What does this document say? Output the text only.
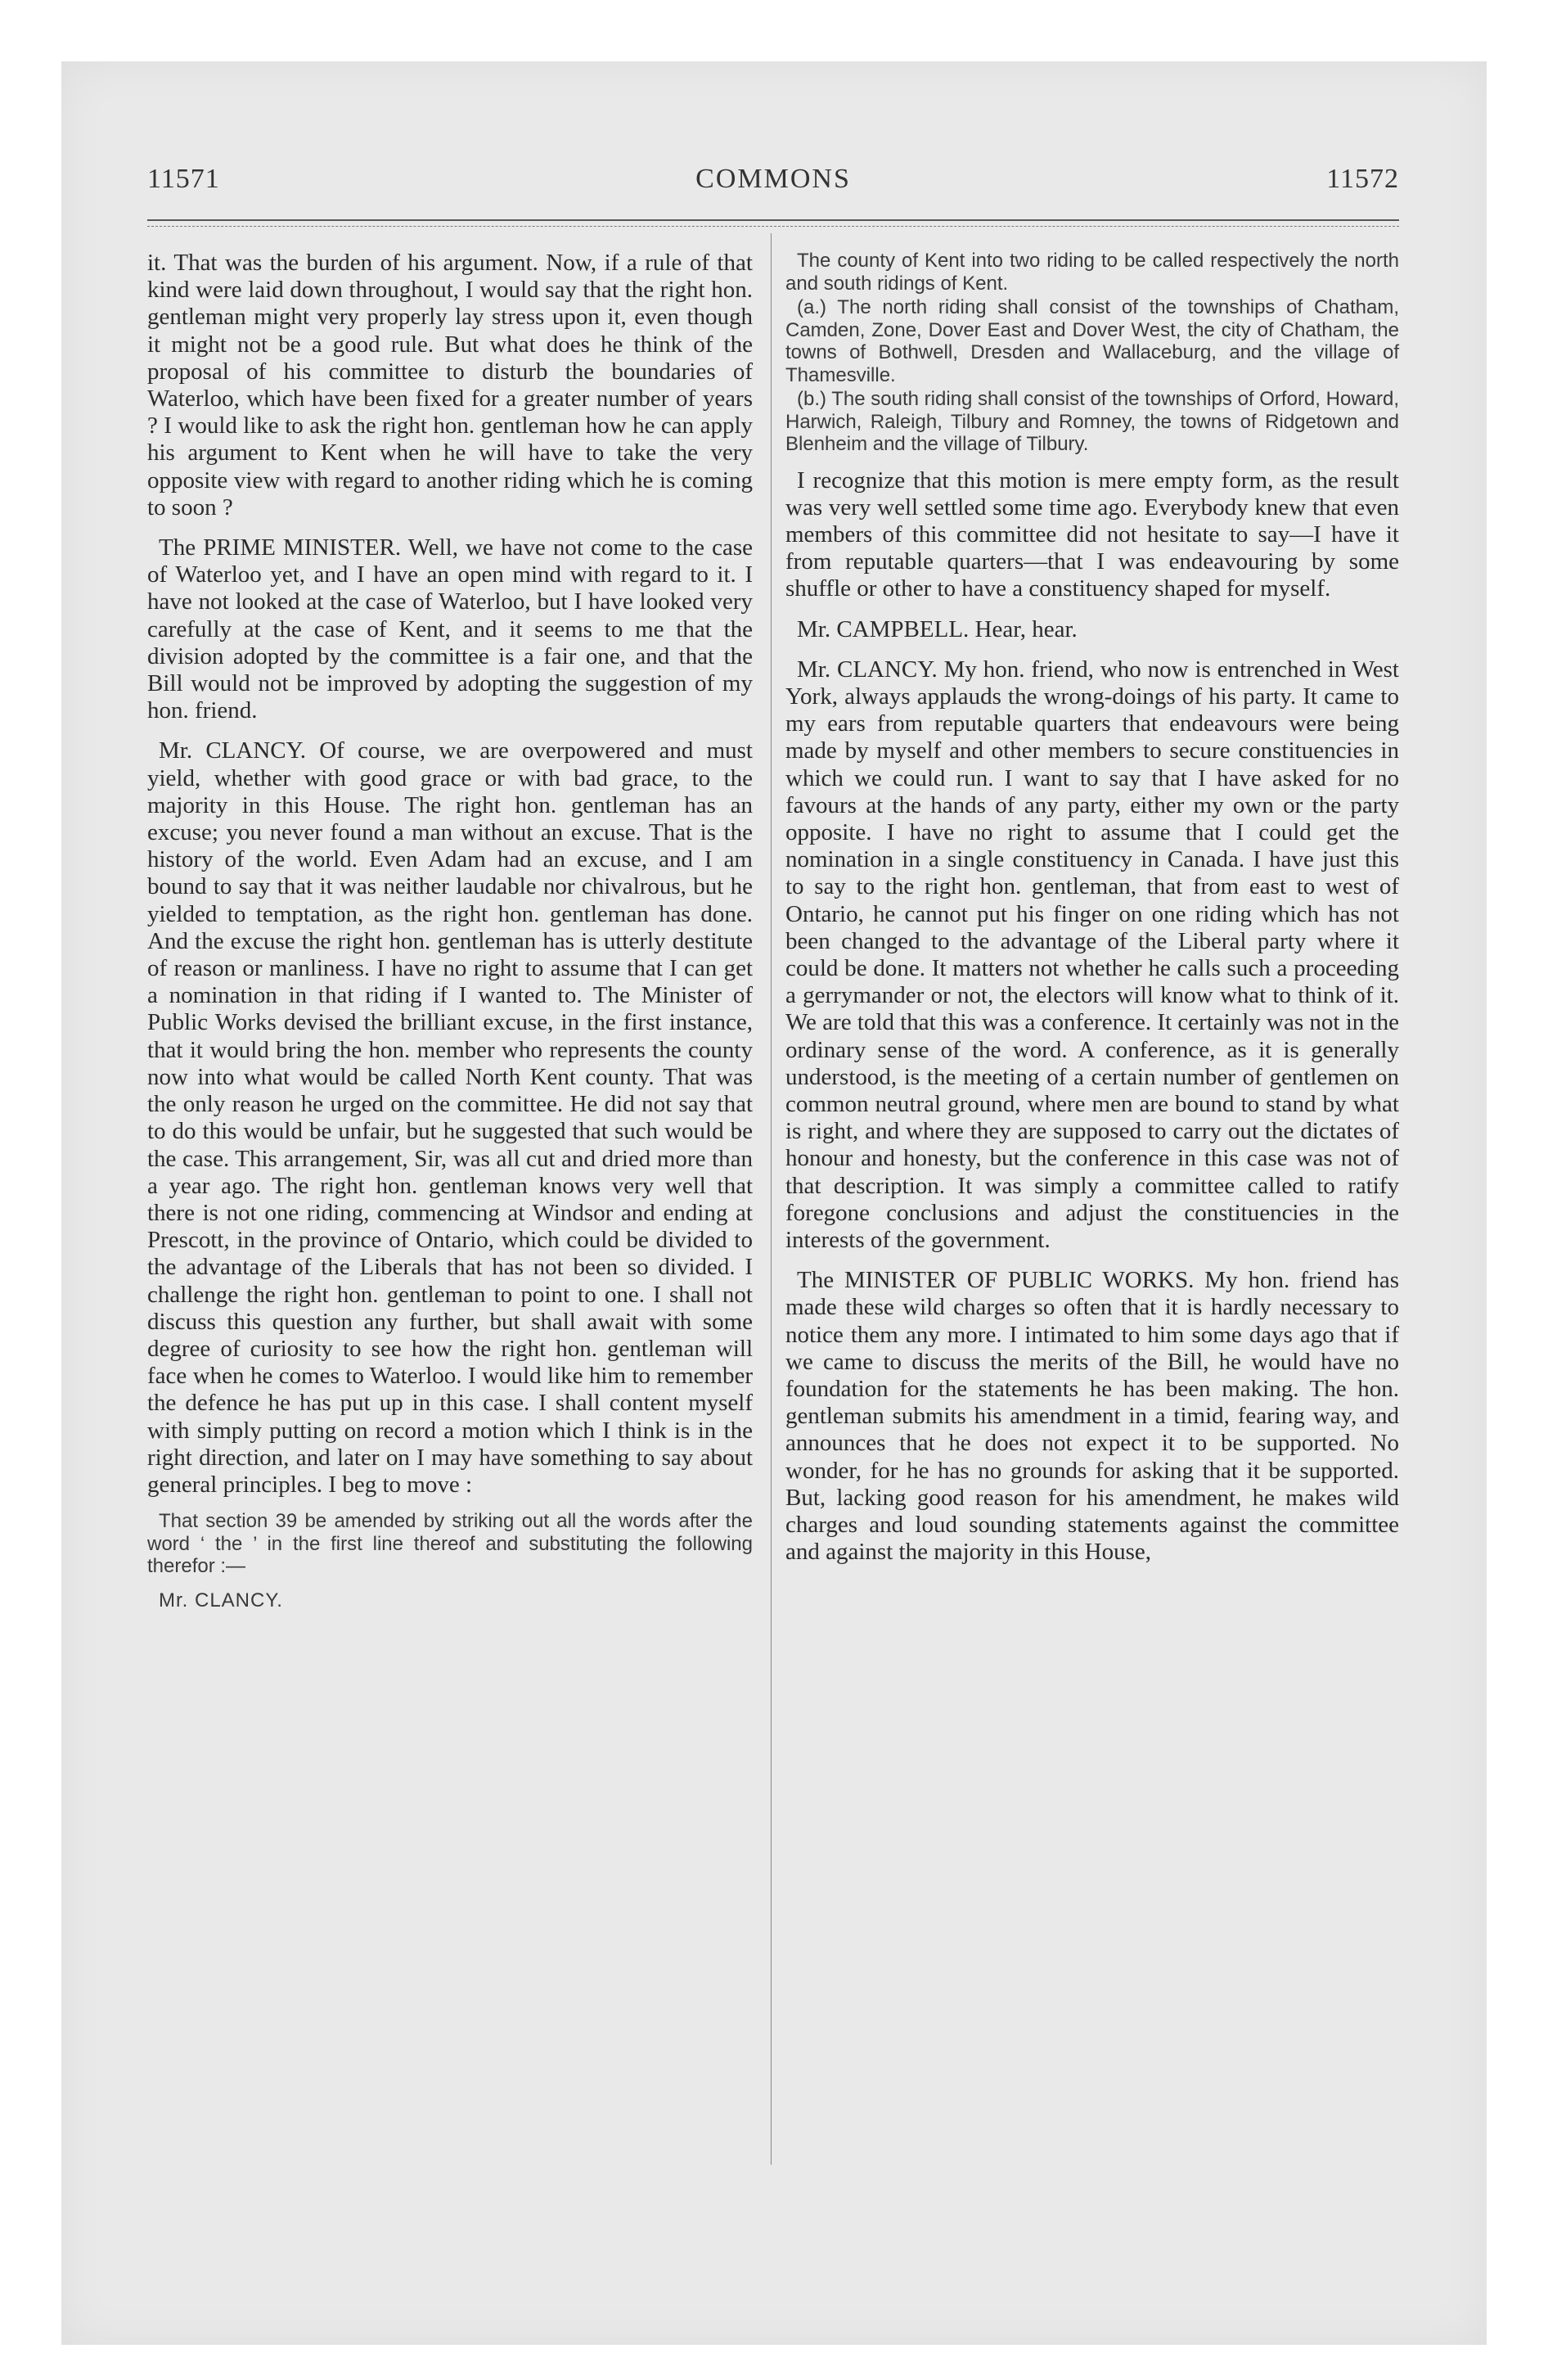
COMMONS
11571	11572

it. That was the burden of his argument. Now, if a rule of that kind were laid down throughout, I would say that the right hon. gentleman might very properly lay stress upon it, even though it might not be a good rule. But what does he think of the proposal of his committee to disturb the boundaries of Waterloo, which have been fixed for a greater number of years ? I would like to ask the right hon. gentleman how he can apply his argument to Kent when he will have to take the very opposite view with regard to another riding which he is coming to soon ?

The PRIME MINISTER. Well, we have not come to the case of Waterloo yet, and I have an open mind with regard to it. I have not looked at the case of Waterloo, but I have looked very carefully at the case of Kent, and it seems to me that the division adopted by the committee is a fair one, and that the Bill would not be improved by adopting the suggestion of my hon. friend.

Mr. CLANCY. Of course, we are overpowered and must yield, whether with good grace or with bad grace, to the majority in this House. The right hon. gentleman has an excuse; you never found a man without an excuse. That is the history of the world. Even Adam had an excuse, and I am bound to say that it was neither laudable nor chivalrous, but he yielded to temptation, as the right hon. gentleman has done. And the excuse the right hon. gentleman has is utterly destitute of reason or manliness. I have no right to assume that I can get a nomination in that riding if I wanted to. The Minister of Public Works devised the brilliant excuse, in the first instance, that it would bring the hon. member who represents the county now into what would be called North Kent county. That was the only reason he urged on the committee. He did not say that to do this would be unfair, but he suggested that such would be the case. This arrangement, Sir, was all cut and dried more than a year ago. The right hon. gentleman knows very well that there is not one riding, commencing at Windsor and ending at Prescott, in the province of Ontario, which could be divided to the advantage of the Liberals that has not been so divided. I challenge the right hon. gentleman to point to one. I shall not discuss this question any further, but shall await with some degree of curiosity to see how the right hon. gentleman will face when he comes to Waterloo. I would like him to remember the defence he has put up in this case. I shall content myself with simply putting on record a motion which I think is in the right direction, and later on I may have something to say about general principles. I beg to move :

That section 39 be amended by striking out all the words after the word ‘ the ’ in the first line thereof and substituting the following therefor :—

Mr. CLANCY.

The county of Kent into two riding to be called respectively the north and south ridings of Kent.

(a.) The north riding shall consist of the townships of Chatham, Camden, Zone, Dover East and Dover West, the city of Chatham, the towns of Bothwell, Dresden and Wallaceburg, and the village of Thamesville.

(b.) The south riding shall consist of the townships of Orford, Howard, Harwich, Raleigh, Tilbury and Romney, the towns of Ridgetown and Blenheim and the village of Tilbury.

I recognize that this motion is mere empty form, as the result was very well settled some time ago. Everybody knew that even members of this committee did not hesitate to say—I have it from reputable quarters—that I was endeavouring by some shuffle or other to have a constituency shaped for myself.

Mr. CAMPBELL. Hear, hear.

Mr. CLANCY. My hon. friend, who now is entrenched in West York, always applauds the wrong-doings of his party. It came to my ears from reputable quarters that endeavours were being made by myself and other members to secure constituencies in which we could run. I want to say that I have asked for no favours at the hands of any party, either my own or the party opposite. I have no right to assume that I could get the nomination in a single constituency in Canada. I have just this to say to the right hon. gentleman, that from east to west of Ontario, he cannot put his finger on one riding which has not been changed to the advantage of the Liberal party where it could be done. It matters not whether he calls such a proceeding a gerrymander or not, the electors will know what to think of it. We are told that this was a conference. It certainly was not in the ordinary sense of the word. A conference, as it is generally understood, is the meeting of a certain number of gentlemen on common neutral ground, where men are bound to stand by what is right, and where they are supposed to carry out the dictates of honour and honesty, but the conference in this case was not of that description. It was simply a committee called to ratify foregone conclusions and adjust the constituencies in the interests of the government.

The MINISTER OF PUBLIC WORKS. My hon. friend has made these wild charges so often that it is hardly necessary to notice them any more. I intimated to him some days ago that if we came to discuss the merits of the Bill, he would have no foundation for the statements he has been making. The hon. gentleman submits his amendment in a timid, fearing way, and announces that he does not expect it to be supported. No wonder, for he has no grounds for asking that it be supported. But, lacking good reason for his amendment, he makes wild charges and loud sounding statements against the committee and against the majority in this House,
